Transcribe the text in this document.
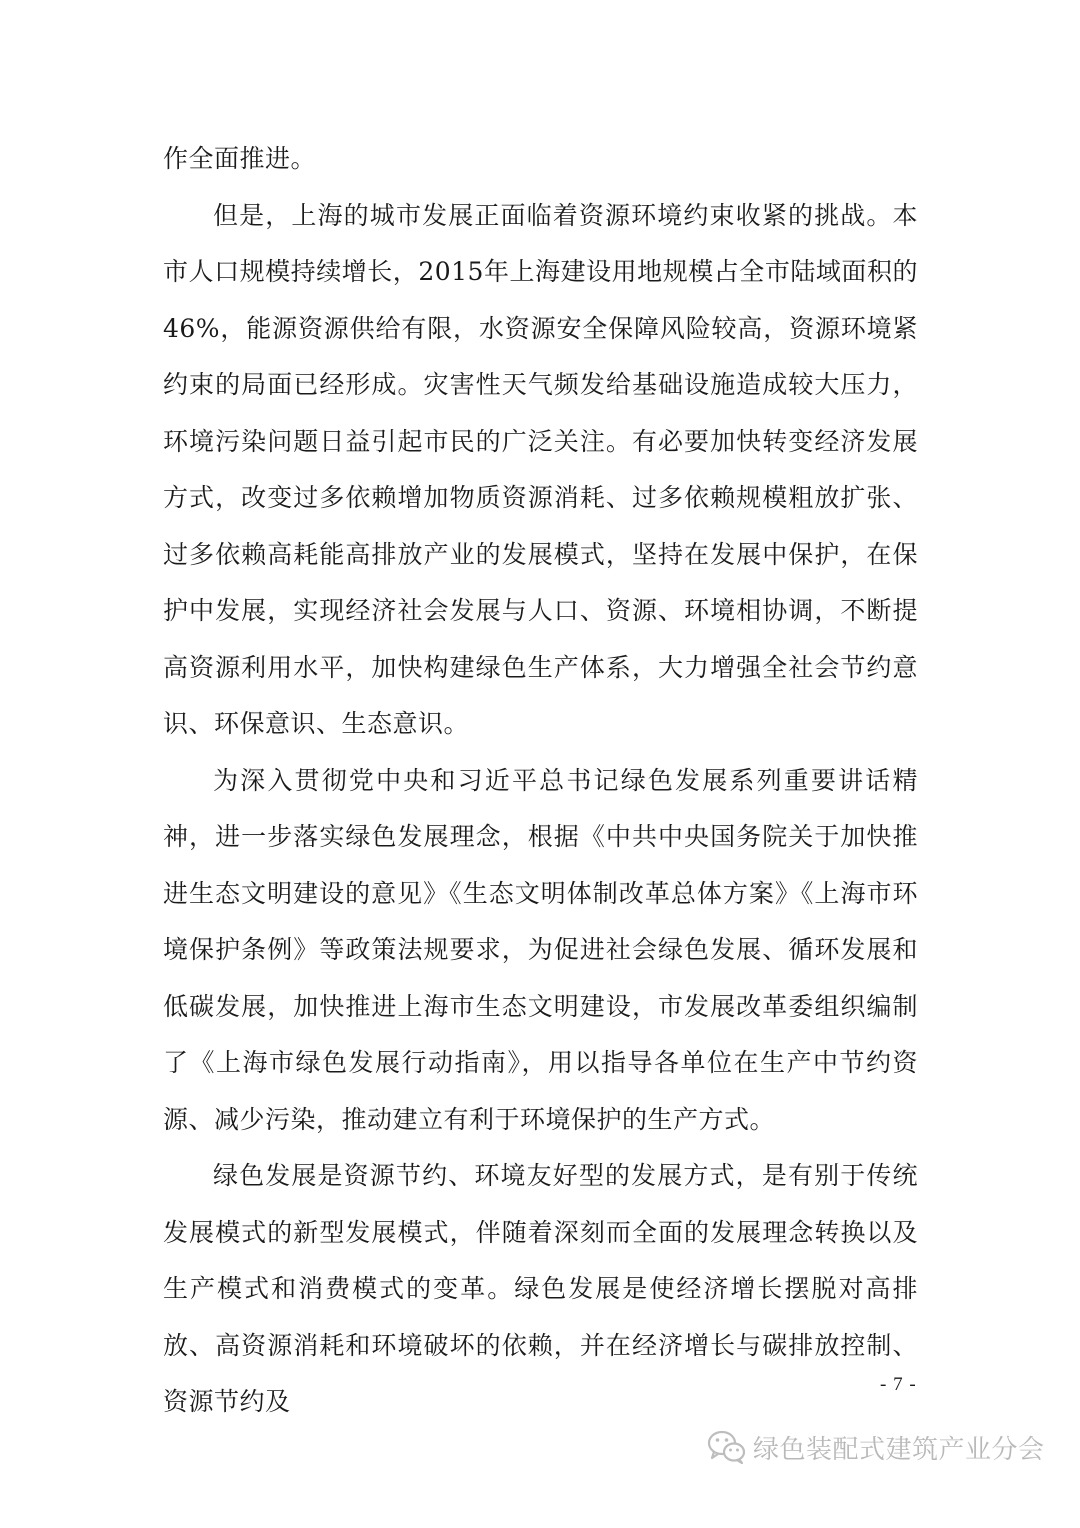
作全面推进。

但是，上海的城市发展正面临着资源环境约束收紧的挑战。本市人口规模持续增长，2015年上海建设用地规模占全市陆域面积的46%，能源资源供给有限，水资源安全保障风险较高，资源环境紧约束的局面已经形成。灾害性天气频发给基础设施造成较大压力，环境污染问题日益引起市民的广泛关注。有必要加快转变经济发展方式，改变过多依赖增加物质资源消耗、过多依赖规模粗放扩张、过多依赖高耗能高排放产业的发展模式，坚持在发展中保护，在保护中发展，实现经济社会发展与人口、资源、环境相协调，不断提高资源利用水平，加快构建绿色生产体系，大力增强全社会节约意识、环保意识、生态意识。

为深入贯彻党中央和习近平总书记绿色发展系列重要讲话精神，进一步落实绿色发展理念，根据《中共中央国务院关于加快推进生态文明建设的意见》《生态文明体制改革总体方案》《上海市环境保护条例》等政策法规要求，为促进社会绿色发展、循环发展和低碳发展，加快推进上海市生态文明建设，市发展改革委组织编制了《上海市绿色发展行动指南》，用以指导各单位在生产中节约资源、减少污染，推动建立有利于环境保护的生产方式。

绿色发展是资源节约、环境友好型的发展方式，是有别于传统发展模式的新型发展模式，伴随着深刻而全面的发展理念转换以及生产模式和消费模式的变革。绿色发展是使经济增长摆脱对高排放、高资源消耗和环境破坏的依赖，并在经济增长与碳排放控制、资源节约及

- 7 -
绿色装配式建筑产业分会
